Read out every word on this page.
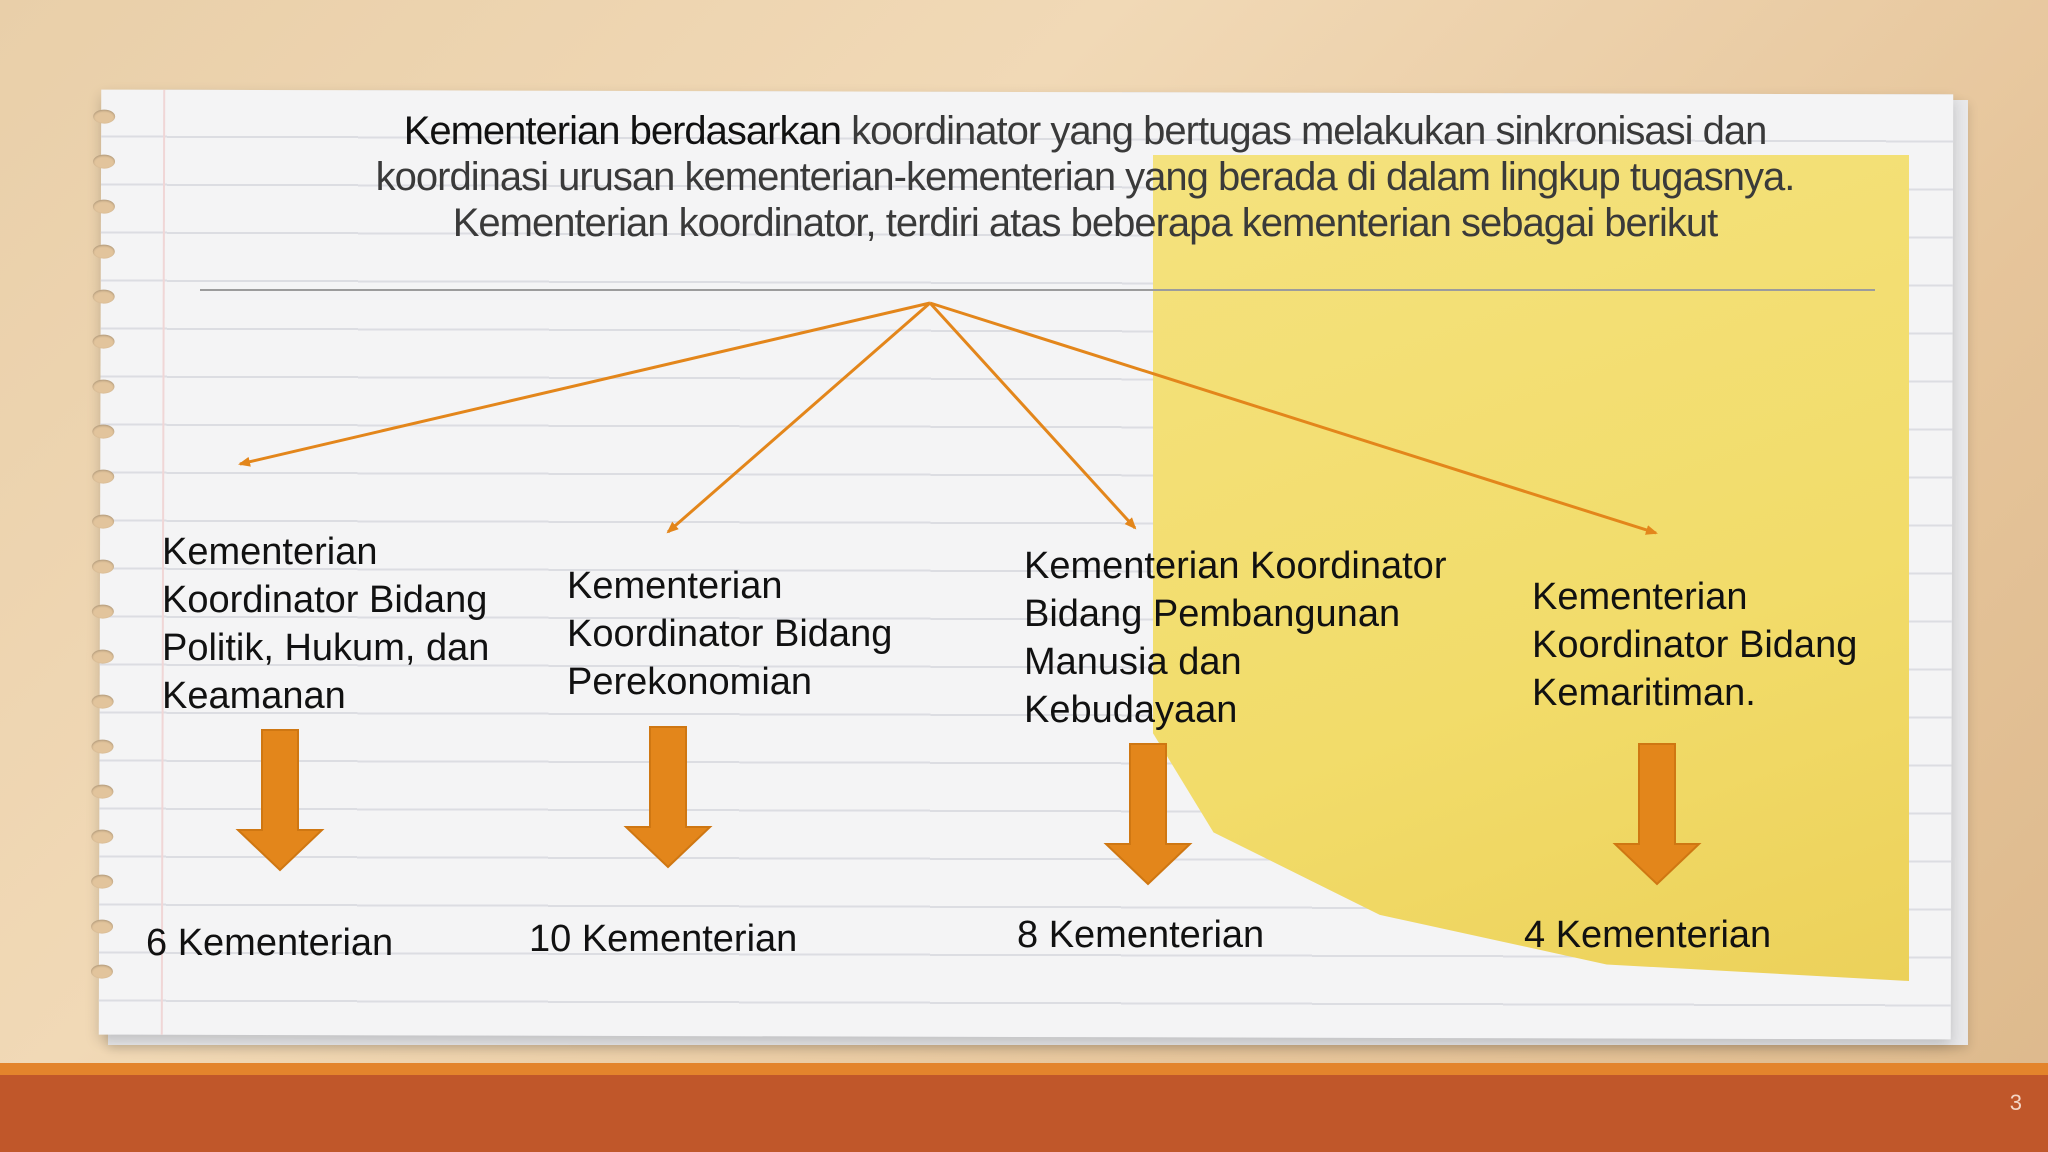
Kementerian berdasarkan koordinator yang bertugas melakukan sinkronisasi dan
koordinasi urusan kementerian-kementerian yang berada di dalam lingkup tugasnya.
Kementerian koordinator, terdiri atas beberapa kementerian sebagai berikut
Kementerian
Koordinator Bidang
Politik, Hukum, dan
Keamanan
Kementerian
Koordinator Bidang
Perekonomian
Kementerian Koordinator
Bidang Pembangunan
Manusia dan
Kebudayaan
Kementerian
Koordinator Bidang
Kemaritiman.
6 Kementerian	10 Kementerian	8 Kementerian	4 Kementerian
3
